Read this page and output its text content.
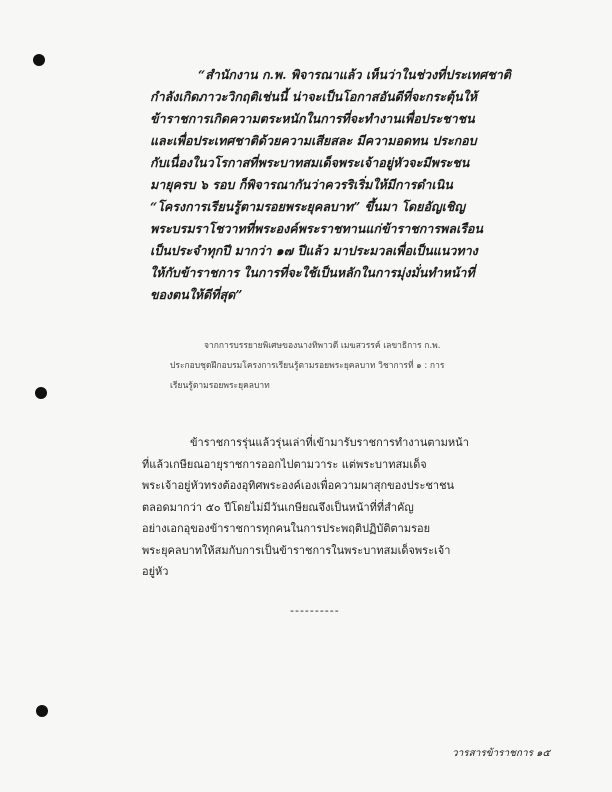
“สำนักงาน ก.พ. พิจารณาแล้ว เห็นว่าในช่วงที่ประเทศชาติ
กำลังเกิดภาวะวิกฤติเช่นนี้ น่าจะเป็นโอกาสอันดีที่จะกระตุ้นให้
ข้าราชการเกิดความตระหนักในการที่จะทำงานเพื่อประชาชน
และเพื่อประเทศชาติด้วยความเสียสละ มีความอดทน ประกอบ
กับเนื่องในวโรกาสที่พระบาทสมเด็จพระเจ้าอยู่หัวจะมีพระชน
มายุครบ ๖ รอบ ก็พิจารณากันว่าควรริเริ่มให้มีการดำเนิน
“โครงการเรียนรู้ตามรอยพระยุคลบาท” ขึ้นมา โดยอัญเชิญ
พระบรมราโชวาทที่พระองค์พระราชทานแก่ข้าราชการพลเรือน
เป็นประจำทุกปี มากว่า ๑๗ ปีแล้ว มาประมวลเพื่อเป็นแนวทาง
ให้กับข้าราชการ ในการที่จะใช้เป็นหลักในการมุ่งมั่นทำหน้าที่
ของตนให้ดีที่สุด”
จากการบรรยายพิเศษของนางทิพาวดี เมฆสวรรค์ เลขาธิการ ก.พ.
ประกอบชุดฝึกอบรมโครงการเรียนรู้ตามรอยพระยุคลบาท วิชาการที่ ๑ : การ
เรียนรู้ตามรอยพระยุคลบาท
ข้าราชการรุ่นแล้วรุ่นเล่าที่เข้ามารับราชการทำงานตามหน้า
ที่แล้วเกษียณอายุราชการออกไปตามวาระ แต่พระบาทสมเด็จ
พระเจ้าอยู่หัวทรงต้องอุทิศพระองค์เองเพื่อความผาสุกของประชาชน
ตลอดมากว่า ๕๐ ปีโดยไม่มีวันเกษียณจึงเป็นหน้าที่ที่สำคัญ
อย่างเอกอุของข้าราชการทุกคนในการประพฤติปฏิบัติตามรอย
พระยุคลบาทให้สมกับการเป็นข้าราชการในพระบาทสมเด็จพระเจ้า
อยู่หัว
----------
วารสารข้าราชการ ๑๕
